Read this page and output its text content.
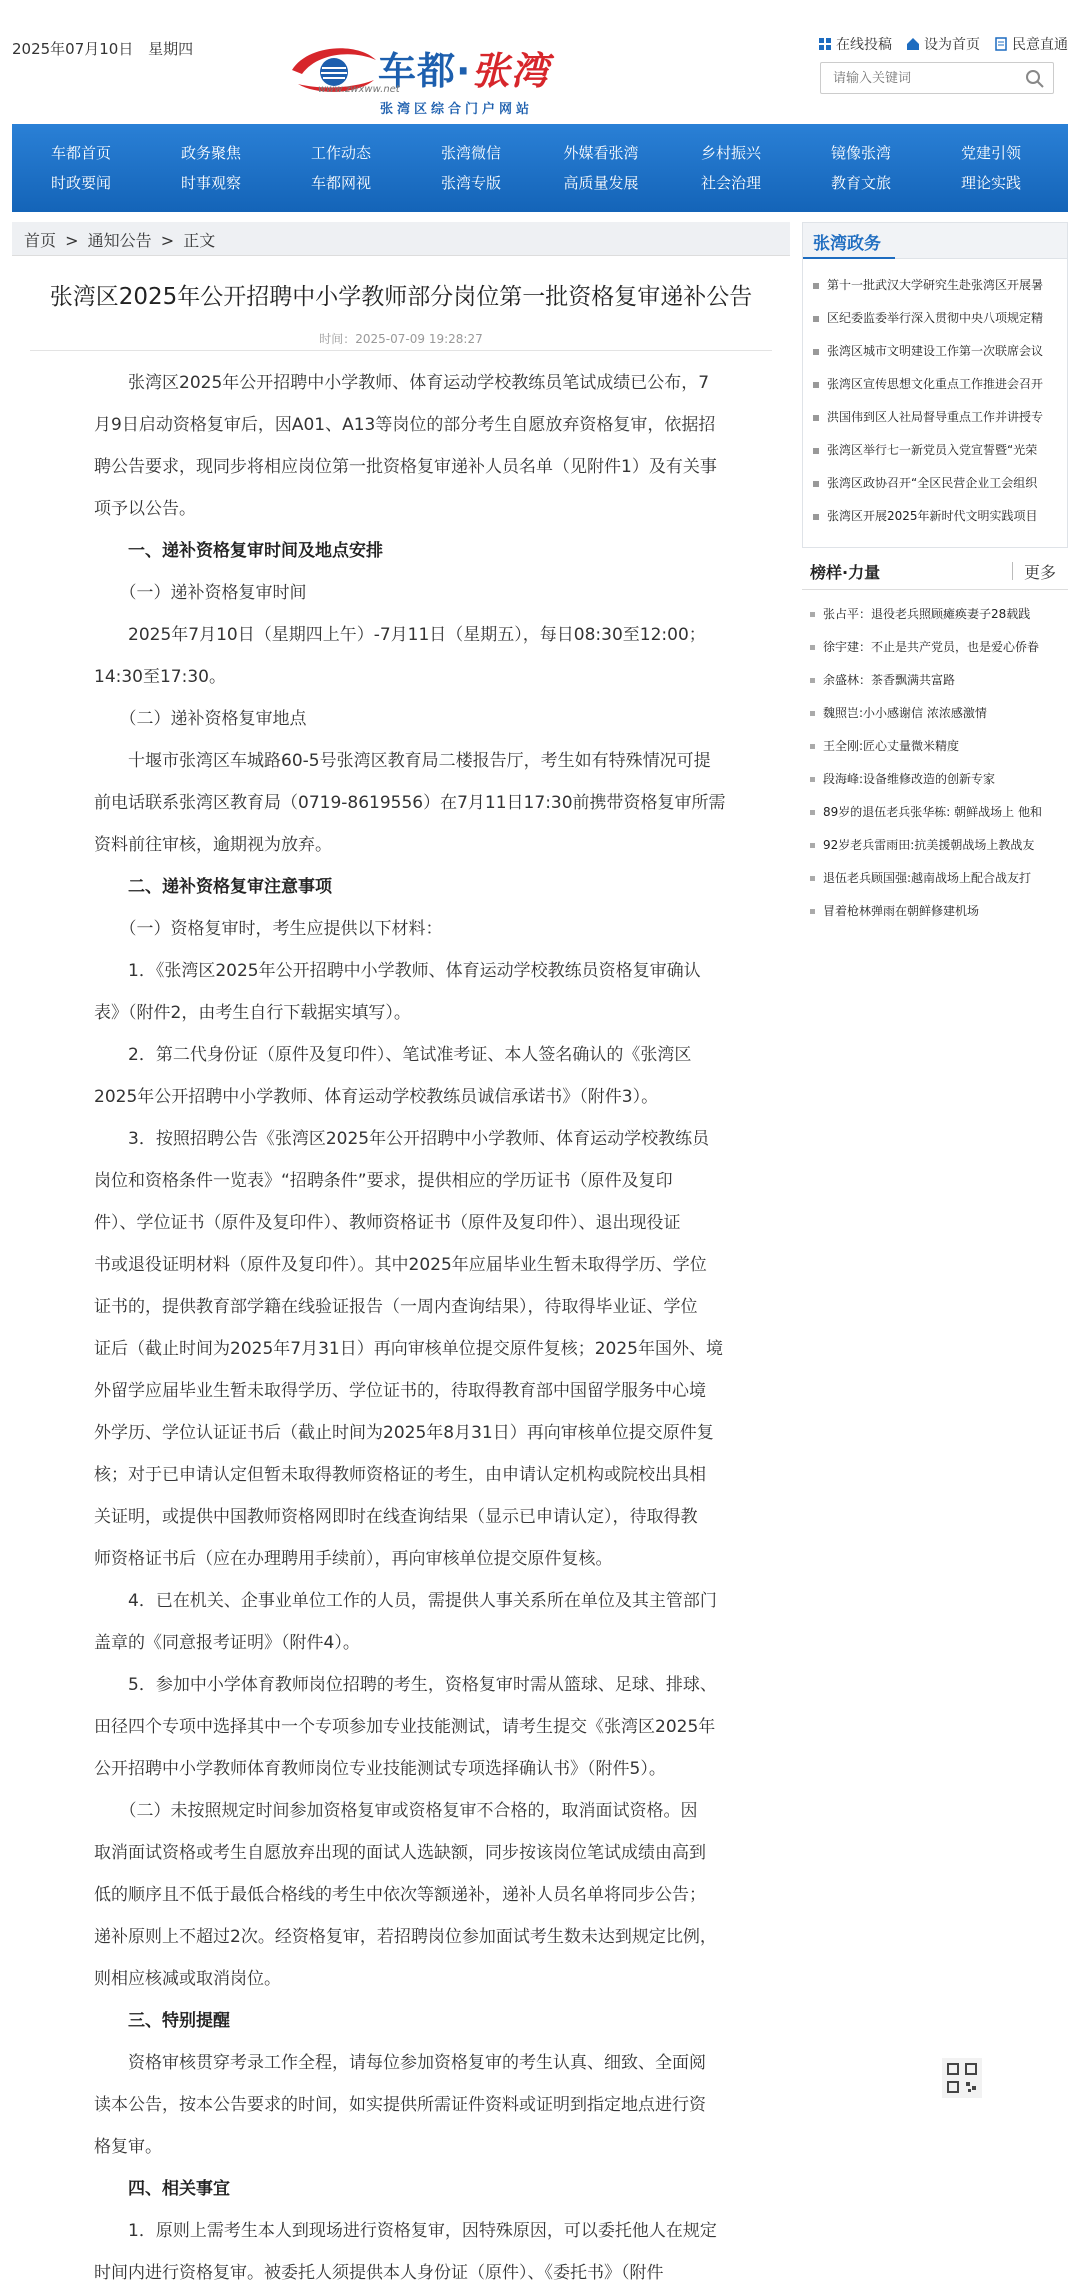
2025年07月10日 星期四	车都·张湾
www.zwxww.net
张湾区综合门户网站
在线投稿 设为首页 民意直通
请输入关键词
车都首页	政务聚焦	工作动态	张湾微信	外媒看张湾	乡村振兴	镜像张湾	党建引领
时政要闻	时事观察	车都网视	张湾专版	高质量发展	社会治理	教育文旅	理论实践
首页 > 通知公告 > 正文
张湾区2025年公开招聘中小学教师部分岗位第一批资格复审递补公告
时间：2025-07-09 19:28:27

　　张湾区2025年公开招聘中小学教师、体育运动学校教练员笔试成绩已公布，7

月9日启动资格复审后，因A01、A13等岗位的部分考生自愿放弃资格复审，依据招

聘公告要求，现同步将相应岗位第一批资格复审递补人员名单（见附件1）及有关事

项予以公告。

　　一、递补资格复审时间及地点安排

　　（一）递补资格复审时间

　　2025年7月10日（星期四上午）-7月11日（星期五），每日08:30至12:00；

14:30至17:30。

　　（二）递补资格复审地点

　　十堰市张湾区车城路60-5号张湾区教育局二楼报告厅，考生如有特殊情况可提

前电话联系张湾区教育局（0719-8619556）在7月11日17:30前携带资格复审所需

资料前往审核，逾期视为放弃。

　　二、递补资格复审注意事项

　　（一）资格复审时，考生应提供以下材料：

　　1．《张湾区2025年公开招聘中小学教师、体育运动学校教练员资格复审确认

表》（附件2，由考生自行下载据实填写）。

　　2．第二代身份证（原件及复印件）、笔试准考证、本人签名确认的《张湾区

2025年公开招聘中小学教师、体育运动学校教练员诚信承诺书》（附件3）。

　　3．按照招聘公告《张湾区2025年公开招聘中小学教师、体育运动学校教练员

岗位和资格条件一览表》“招聘条件”要求，提供相应的学历证书（原件及复印

件）、学位证书（原件及复印件）、教师资格证书（原件及复印件）、退出现役证

书或退役证明材料（原件及复印件）。其中2025年应届毕业生暂未取得学历、学位

证书的，提供教育部学籍在线验证报告（一周内查询结果），待取得毕业证、学位

证后（截止时间为2025年7月31日）再向审核单位提交原件复核；2025年国外、境

外留学应届毕业生暂未取得学历、学位证书的，待取得教育部中国留学服务中心境

外学历、学位认证证书后（截止时间为2025年8月31日）再向审核单位提交原件复

核；对于已申请认定但暂未取得教师资格证的考生，由申请认定机构或院校出具相

关证明，或提供中国教师资格网即时在线查询结果（显示已申请认定），待取得教

师资格证书后（应在办理聘用手续前），再向审核单位提交原件复核。

　　4．已在机关、企事业单位工作的人员，需提供人事关系所在单位及其主管部门

盖章的《同意报考证明》（附件4）。

　　5．参加中小学体育教师岗位招聘的考生，资格复审时需从篮球、足球、排球、

田径四个专项中选择其中一个专项参加专业技能测试，请考生提交《张湾区2025年

公开招聘中小学教师体育教师岗位专业技能测试专项选择确认书》（附件5）。

　　（二）未按照规定时间参加资格复审或资格复审不合格的，取消面试资格。因

取消面试资格或考生自愿放弃出现的面试人选缺额，同步按该岗位笔试成绩由高到

低的顺序且不低于最低合格线的考生中依次等额递补，递补人员名单将同步公告；

递补原则上不超过2次。经资格复审，若招聘岗位参加面试考生数未达到规定比例，

则相应核减或取消岗位。

　　三、特别提醒

　　资格审核贯穿考录工作全程，请每位参加资格复审的考生认真、细致、全面阅

读本公告，按本公告要求的时间，如实提供所需证件资料或证明到指定地点进行资

格复审。

　　四、相关事宜

　　1．原则上需考生本人到现场进行资格复审，因特殊原因，可以委托他人在规定

时间内进行资格复审。被委托人须提供本人身份证（原件）、《委托书》（附件

张湾政务
第十一批武汉大学研究生赴张湾区开展暑
区纪委监委举行深入贯彻中央八项规定精
张湾区城市文明建设工作第一次联席会议
张湾区宣传思想文化重点工作推进会召开
洪国伟到区人社局督导重点工作并讲授专
张湾区举行七一新党员入党宣誓暨“光荣
张湾区政协召开“全区民营企业工会组织
张湾区开展2025年新时代文明实践项目
榜样·力量	更多
张占平：退役老兵照顾瘫痪妻子28载践
徐宇建：不止是共产党员，也是爱心侨眷
余盛林：茶香飘满共富路
魏照岂:小小感谢信 浓浓感激情
王全刚:匠心丈量微米精度
段海峰:设备维修改造的创新专家
89岁的退伍老兵张华栋: 朝鲜战场上 他和
92岁老兵雷雨田:抗美援朝战场上教战友
退伍老兵顾国强:越南战场上配合战友打
冒着枪林弹雨在朝鲜修建机场
